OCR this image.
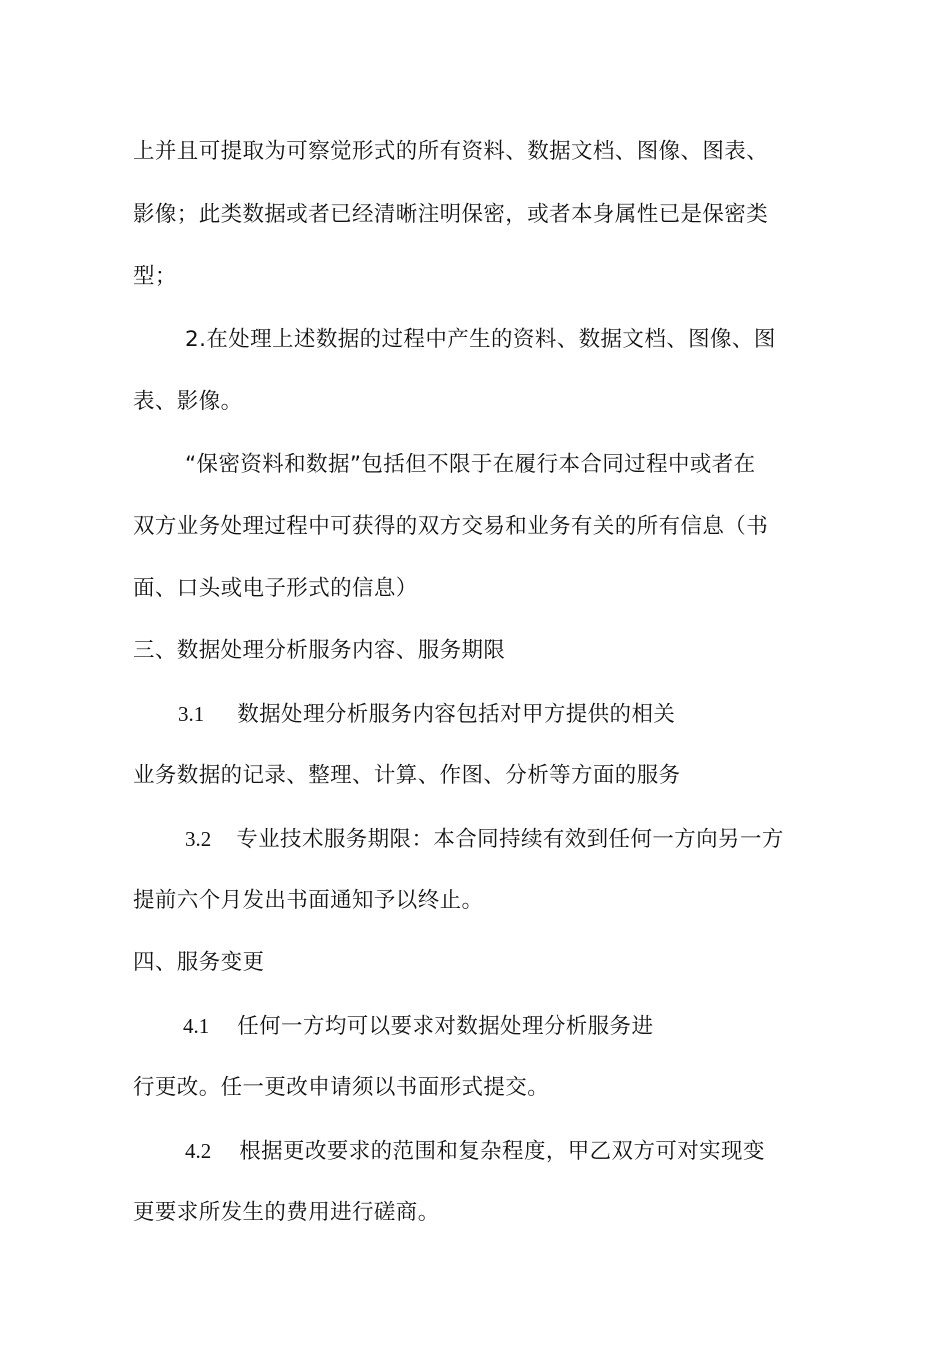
上并且可提取为可察觉形式的所有资料、数据文档、图像、图表、
影像；此类数据或者已经清晰注明保密，或者本身属性已是保密类
型；
2.在处理上述数据的过程中产生的资料、数据文档、图像、图
表、影像。
“保密资料和数据”包括但不限于在履行本合同过程中或者在
双方业务处理过程中可获得的双方交易和业务有关的所有信息（书
面、口头或电子形式的信息）
三、数据处理分析服务内容、服务期限
3.1 数据处理分析服务内容包括对甲方提供的相关
业务数据的记录、整理、计算、作图、分析等方面的服务
3.2 专业技术服务期限：本合同持续有效到任何一方向另一方
提前六个月发出书面通知予以终止。
四、服务变更
4.1 任何一方均可以要求对数据处理分析服务进
行更改。任一更改申请须以书面形式提交。
4.2 根据更改要求的范围和复杂程度，甲乙双方可对实现变
更要求所发生的费用进行磋商。
